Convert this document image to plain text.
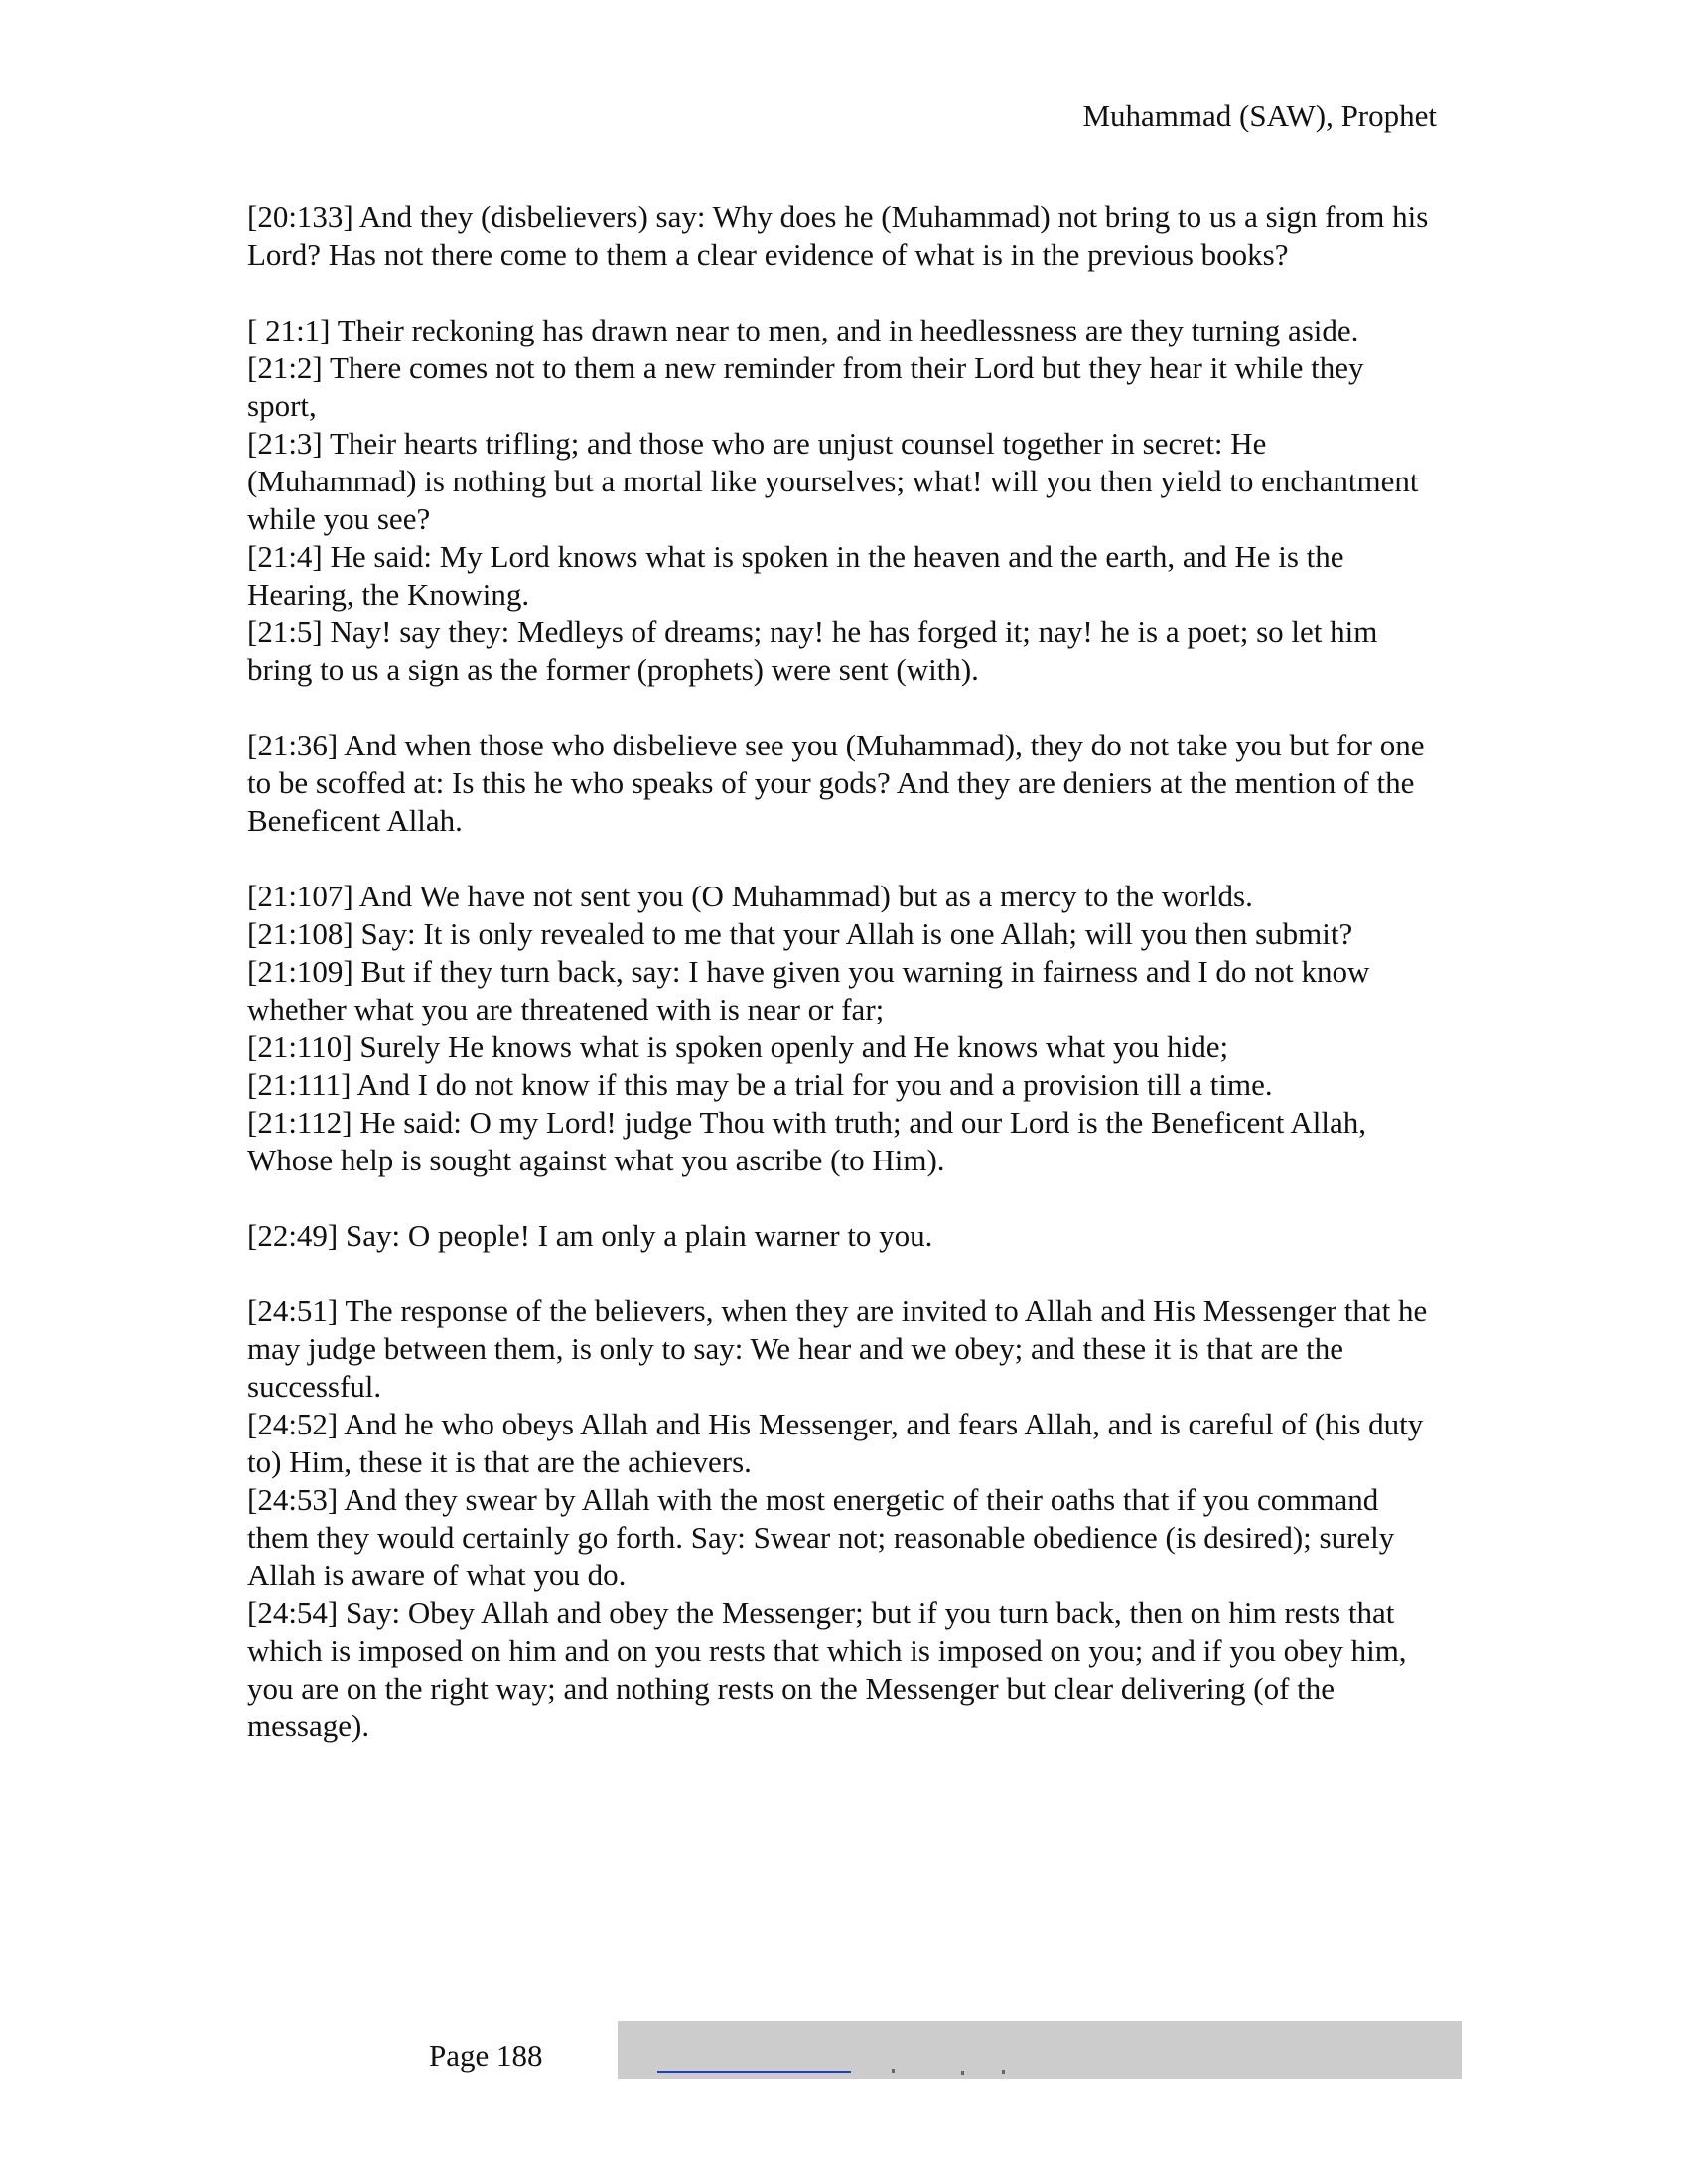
Muhammad (SAW), Prophet

[20:133] And they (disbelievers) say: Why does he (Muhammad) not bring to us a sign from his Lord? Has not there come to them a clear evidence of what is in the previous books?

[ 21:1] Their reckoning has drawn near to men, and in heedlessness are they turning aside.

[21:2] There comes not to them a new reminder from their Lord but they hear it while they sport,

[21:3] Their hearts trifling; and those who are unjust counsel together in secret: He (Muhammad) is nothing but a mortal like yourselves; what! will you then yield to enchantment while you see?

[21:4] He said: My Lord knows what is spoken in the heaven and the earth, and He is the Hearing, the Knowing.

[21:5] Nay! say they: Medleys of dreams; nay! he has forged it; nay! he is a poet; so let him bring to us a sign as the former (prophets) were sent (with).

[21:36] And when those who disbelieve see you (Muhammad), they do not take you but for one to be scoffed at: Is this he who speaks of your gods? And they are deniers at the mention of the Beneficent Allah.

[21:107] And We have not sent you (O Muhammad) but as a mercy to the worlds.

[21:108] Say: It is only revealed to me that your Allah is one Allah; will you then submit?

[21:109] But if they turn back, say: I have given you warning in fairness and I do not know whether what you are threatened with is near or far;

[21:110] Surely He knows what is spoken openly and He knows what you hide;

[21:111] And I do not know if this may be a trial for you and a provision till a time.

[21:112] He said: O my Lord! judge Thou with truth; and our Lord is the Beneficent Allah, Whose help is sought against what you ascribe (to Him).

[22:49] Say: O people! I am only a plain warner to you.

[24:51] The response of the believers, when they are invited to Allah and His Messenger that he may judge between them, is only to say: We hear and we obey; and these it is that are the successful.

[24:52] And he who obeys Allah and His Messenger, and fears Allah, and is careful of (his duty to) Him, these it is that are the achievers.

[24:53] And they swear by Allah with the most energetic of their oaths that if you command them they would certainly go forth. Say: Swear not; reasonable obedience (is desired); surely Allah is aware of what you do.

[24:54] Say: Obey Allah and obey the Messenger; but if you turn back, then on him rests that which is imposed on him and on you rests that which is imposed on you; and if you obey him, you are on the right way; and nothing rests on the Messenger but clear delivering (of the message).

Page 188
